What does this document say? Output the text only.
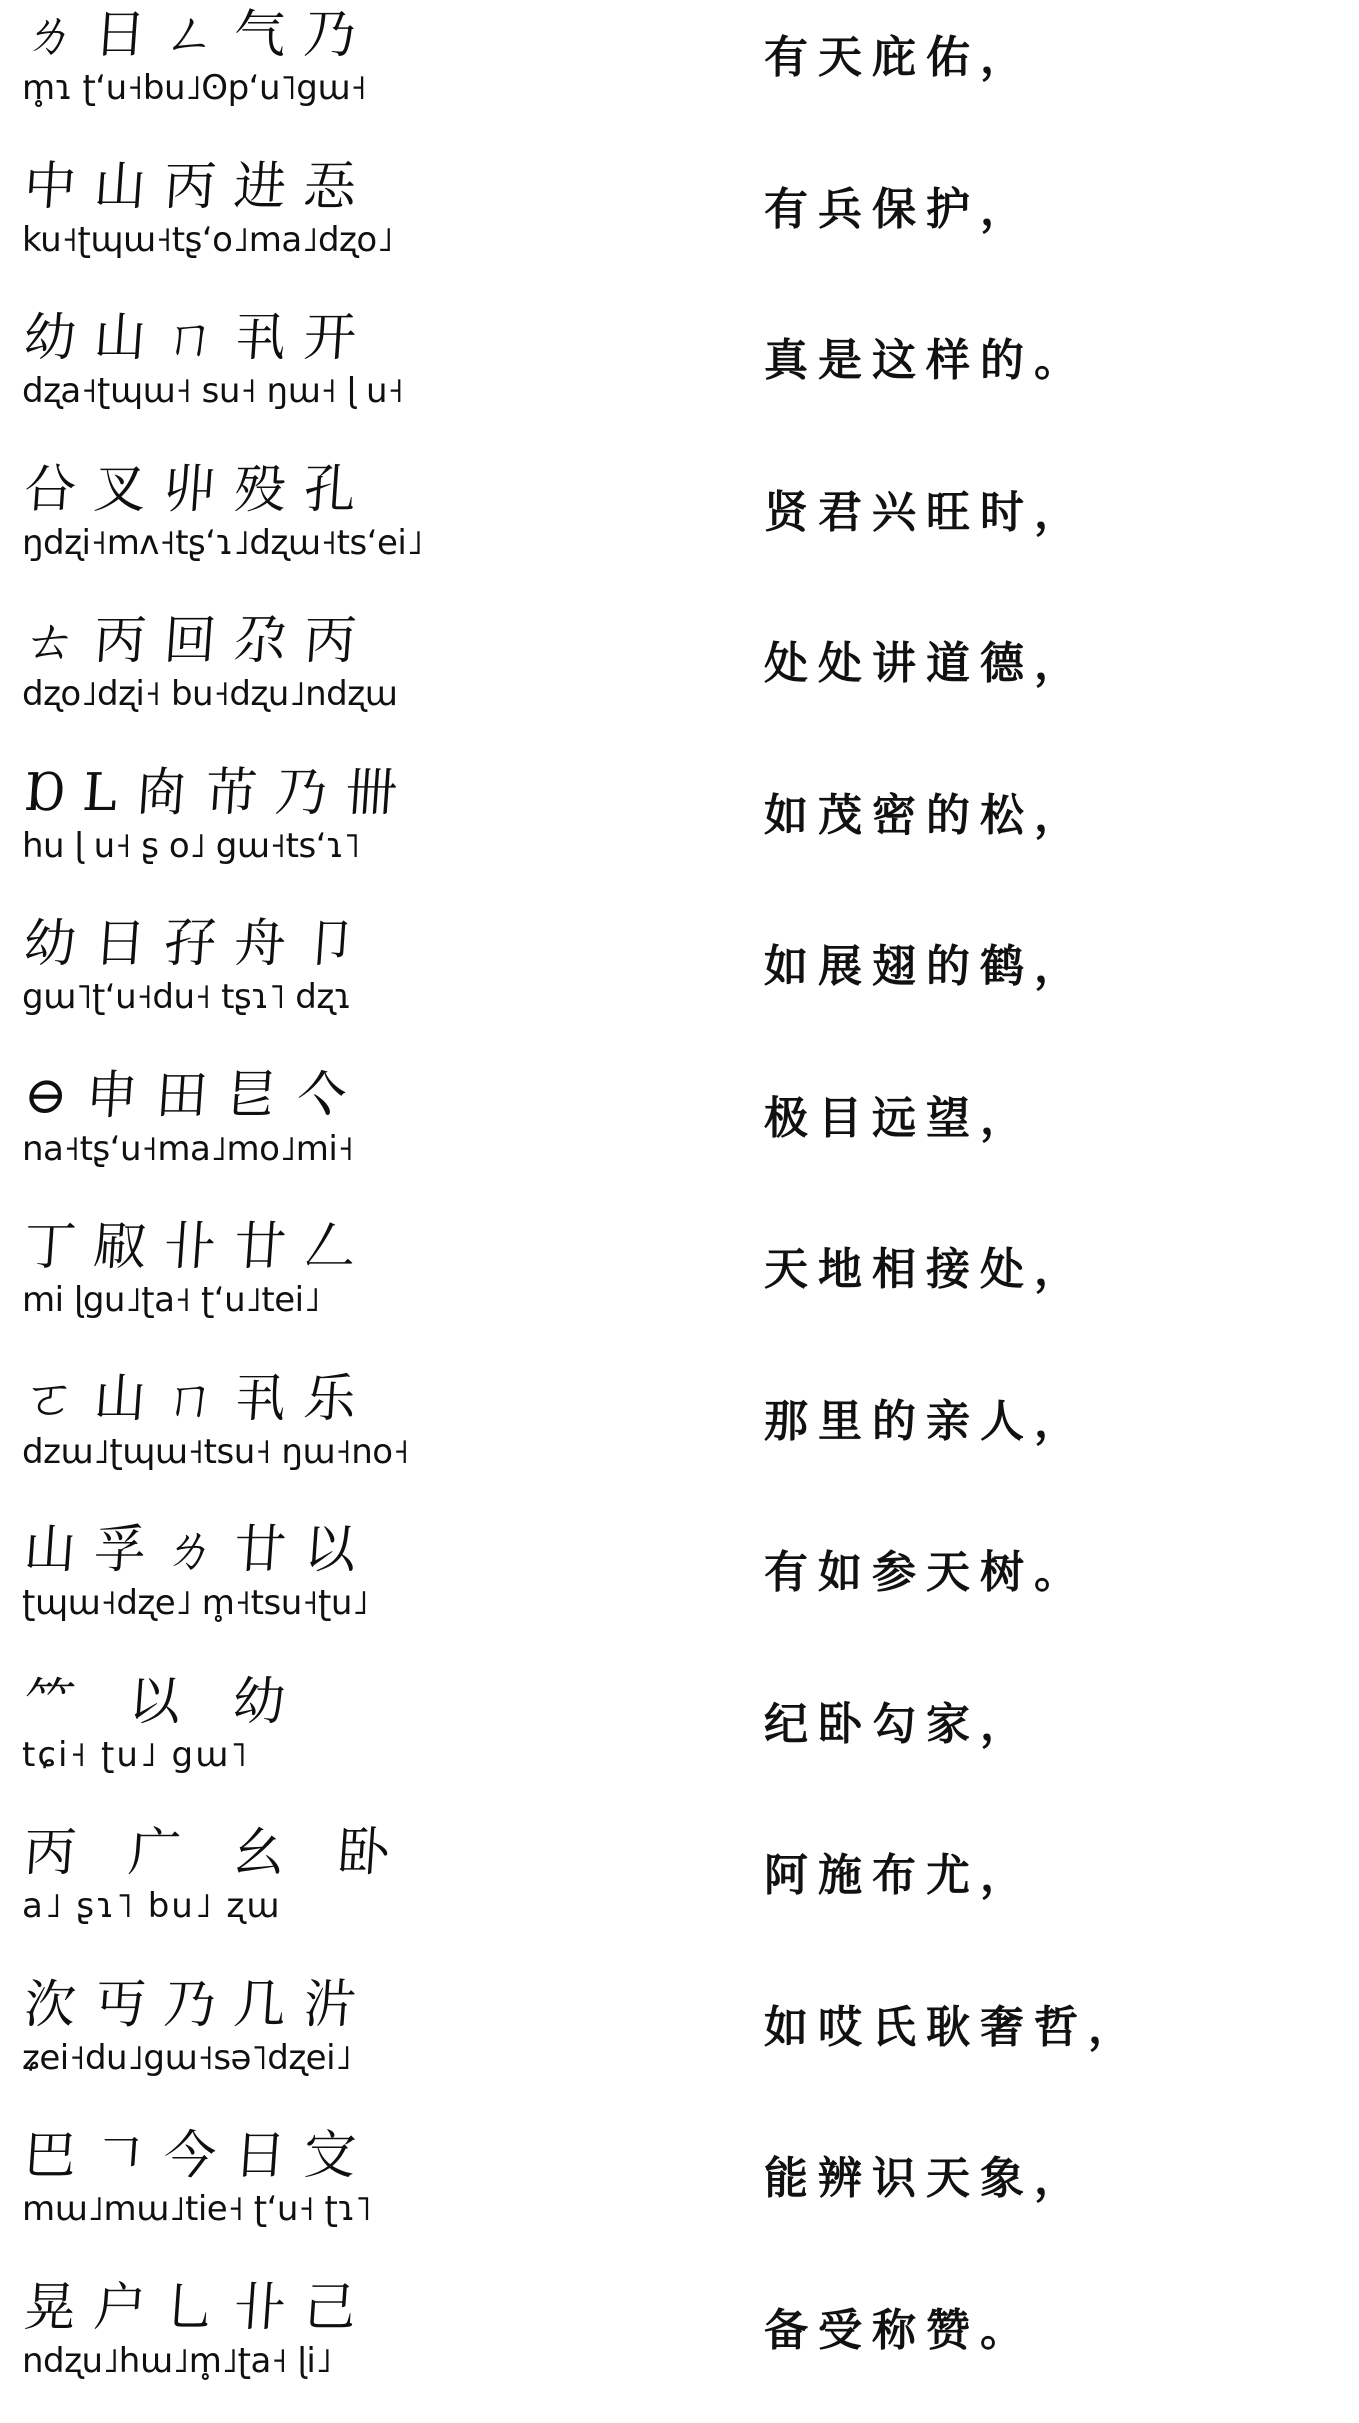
ㄌ日ㄥ气乃
m̥ɿ ʈʻu˧bu˩ʘpʻu˥gɯ˧
有天庇佑，
中山丙进忢
ku˧ʈɰɯ˧tʂʻo˩ma˩dʐo˩
有兵保护，
幼山ㄇ丮开
dʐa˧ʈɰɯ˧ su˧ ŋɯ˧ ɭ u˧
真是这样的。
㕣叉丱殁孔
ŋdʐi˧mʌ˧tʂʻɿ˩dʐɯ˧tsʻei˩
贤君兴旺时，
ㄊ丙回尕丙
dʐo˩dʐi˧ bu˧dʐu˩ndʐɯ
处处讲道德，
ⱰL㕯芇乃卌
hu ɭ u˧ ʂ o˩ gɯ˧tsʻɿ˥
如茂密的松，
幼日孖舟⼙
gɯ˥ʈʻu˧du˧ tʂɿ˥ dʐɿ
如展翅的鹤，
⊖申田㫐亽
na˧tʂʻu˧ma˩mo˩mi˧
极目远望，
丁㕞卝廿𠃋
mi ɭgu˩ʈa˧ ʈʻu˩tei˩
天地相接处，
ㄛ山ㄇ丮乐
dzɯ˩ʈɰɯ˧tsu˧ ŋɯ˧no˧
那里的亲人，
山孚ㄌ廿以
ʈɰɯ˧dʐe˩ m̥˧tsu˧ʈu˩
有如参天树。
⺮ 以 幼
tɕi˧ ʈu˩ gɯ˥
纪卧勾家，
丙 ⼴ ⺓ 卧
a˩ ʂɿ˥ bu˩ ʐɯ
阿施布尤，
㳄丏乃几沜
ʑei˧du˩gɯ˧sə˥dʐei˩
如哎氏耿奢哲，
巴𠃍今日㝊
mɯ˩mɯ˩tie˧ ʈʻu˧ ʈɿ˥
能辨识天象，
晃户乚卝己
ndʐu˩hɯ˩m̥˩ʈa˧ ɭi˩
备受称赞。
